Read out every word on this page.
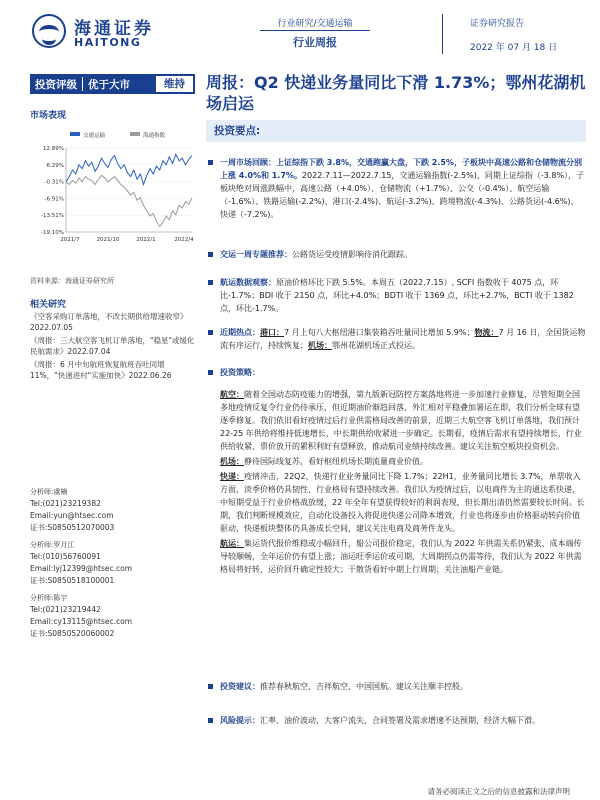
海通证券
HAITONG
行业研究/交通运输
行业周报
证券研究报告
2022 年 07 月 18 日
投资评级	优于大市	维持	周报：Q2 快递业务量同比下滑 1.73%；鄂州花湖机场启运
市场表现
交通运输	海通指数
12.89%
6.29%
-0.31%
-6.91%
-13.51%
-19.10%
2021/7	2021/10	2022/1	2022/4
资料来源：海通证券研究所
相关研究
《空客采购订单落地，不改长期供给增速收窄》2022.07.05
《周报：三大航空客飞机订单落地，"稳星"或缓化民航需求》2022.07.04
《周报：6 月中旬航班恢复航班吞吐同增 11%，"快递进村"实施加快》2022.06.26
分析师:虞楠
Tel:(021)23219382
Email:yun@htsec.com
证书:S0850512070003
分析师:罗月江
Tel:(010)56760091
Email:lyj12399@htsec.com
证书:S0850518100001
分析师:陈宇
Tel:(021)23219442
Email:cy13115@htsec.com
证书:S0850520060002
投资要点:
一周市场回顾：上证综指下跌 3.8%，交通跑赢大盘，下跌 2.5%，子板块中高速公路和仓储物流分别上涨 4.0%和 1.7%。2022.7.11—2022.7.15，交通运输指数(-2.5%)，同期上证综指（-3.8%），子板块绝对周涨跌幅中，高速公路（+4.0%）、仓储物流（+1.7%）、公交（-0.4%）、航空运输（-1.6%）、铁路运输(-2.2%)、港口(-2.4%)、航运(-3.2%)、跨境物流(-4.3%)、公路货运(-4.6%)、快递（-7.2%)。
交运一周专题推荐：公路货运受疫情影响待消化跟踪。
航运数据观察：原油价格环比下跌 5.5%。本周五（2022.7.15）, SCFI 指数收于 4075 点，环比-1.7%；BDI 收于 2150 点，环比+4.0%；BDTI 收于 1369 点，环比+2.7%，BCTI 收于 1382 点，环比-1.7%。
近期热点：港口：7 月上旬八大枢纽港口集装箱吞吐量同比增加 5.9%；物流：7 月 16 日，全国货运物流有序运行，持续恢复；机场：鄂州花湖机场正式投运。
投资策略：
航空：随着全国动态防疫能力的增强，第九版新冠防控方案落地将进一步加速行业修复，尽管短期全国多地疫情反复令行业仍待承压，但近期油价渐趋回落，外汇相对平稳叠加暑运在即，我们分析全球有望逐季修复。我们依旧看好疫情过后行业供需格局改善的前景，近期三大航空客飞机订单落地，我们预计 22-25 年供给将维持低速增长，中长期供给收紧进一步确定。长期看，疫情后需求有望持续增长，行业供给收紧、票价放开的累积利好有望释放，推动航司业绩持续改善。建议关注航空板块投资机会。
机场：静待国际线复苏，看好枢纽机场长期流量商业价值。
快递：疫情冲击，22Q2，快递行业业务量同比下降 1.7%；22H1，业务量同比增长 3.7%，单票收入方面，淡季价格仍具韧性，行业格局有望持续改善。我们认为疫情过后，以电商件为主的通达系快递，中短期受益于行业价格战放缓，22 年全年有望获得较好的利润表现，但长期出清仍然需要较长时间。长期，我们判断规模效应，自动化设备投入将促进快递公司降本增效，行业也将逐步由价格驱动转向价值驱动，快递板块整体仍具备成长空间，建议关注电商及商务件龙头。
航运：集运货代报价维稳或小幅回升，船公司报价稳定，我们认为 2022 年供需关系仍紧张、成本端传导较顺畅，全年运价仍有望上涨；油运旺季运价或可期，大周期拐点仍需等待，我们认为 2022 年供需格局将好转，运价回升确定性较大；干散货看好中期上行周期；关注油船产业链。
投资建议：推荐春秋航空、吉祥航空、中国国航。建议关注顺丰控股。
风险提示：汇率、油价波动，大客户流失，合同签署及需求增速不达预期，经济大幅下滑。
请务必阅读正文之后的信息披露和法律声明
